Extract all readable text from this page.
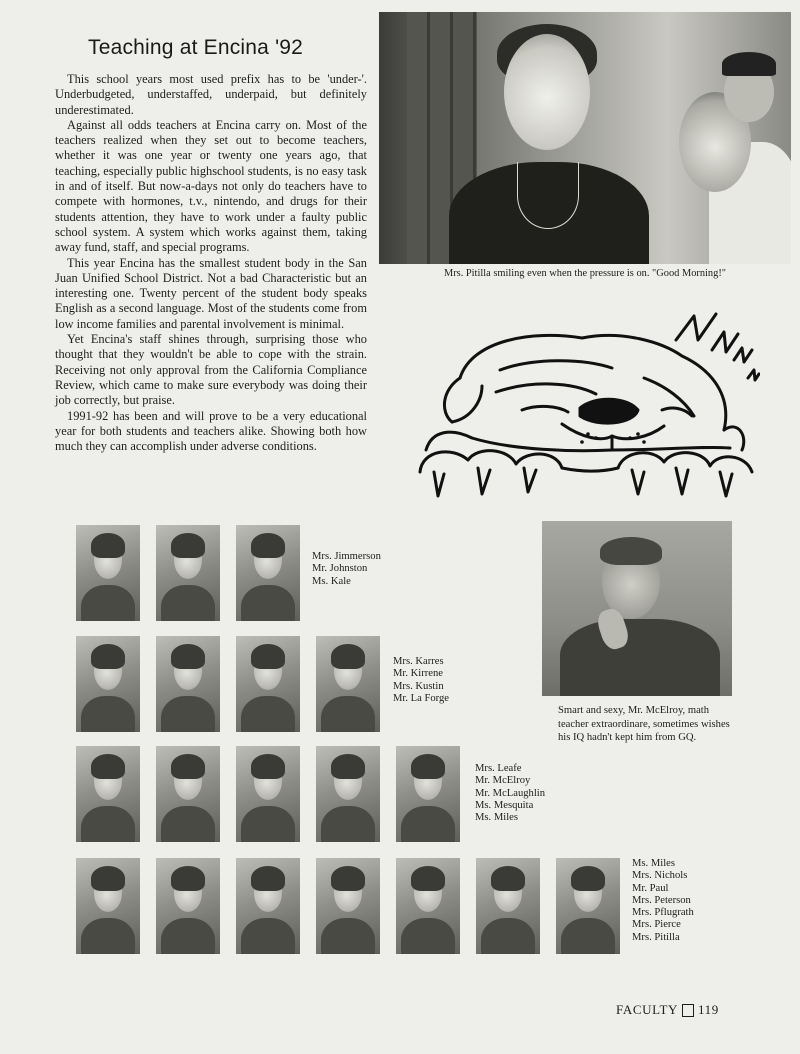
Teaching at Encina '92

This school years most used prefix has to be 'under-'. Underbudgeted, understaffed, underpaid, but definitely underestimated.

Against all odds teachers at Encina carry on. Most of the teachers realized when they set out to become teachers, whether it was one year or twenty one years ago, that teaching, especially public highschool students, is no easy task in and of itself. But now-a-days not only do teachers have to compete with hormones, t.v., nintendo, and drugs for their students attention, they have to work under a faulty public school system. A system which works against them, taking away fund, staff, and special programs.

This year Encina has the smallest student body in the San Juan Unified School District. Not a bad Characteristic but an interesting one. Twenty percent of the student body speaks English as a second language. Most of the students come from low income families and parental involvement is minimal.

Yet Encina's staff shines through, surprising those who thought that they wouldn't be able to cope with the strain. Receiving not only approval from the California Compliance Review, which came to make sure everybody was doing their job correctly, but praise.

1991-92 has been and will prove to be a very educational year for both students and teachers alike. Showing both how much they can accomplish under adverse conditions.

Mrs. Pitilla smiling even when the pressure is on. "Good Morning!"
Smart and sexy, Mr. McElroy, math teacher extraordinare, sometimes wishes his IQ hadn't kept him from GQ.
Mrs. Jimmerson
Mr. Johnston
Ms. Kale
Mrs. Karres
Mr. Kirrene
Mrs. Kustin
Mr. La Forge
Mrs. Leafe
Mr. McElroy
Mr. McLaughlin
Ms. Mesquita
Ms. Miles
Ms. Miles
Mrs. Nichols
Mr. Paul
Mrs. Peterson
Mrs. Pflugrath
Mrs. Pierce
Mrs. Pitilla
FACULTY 119
